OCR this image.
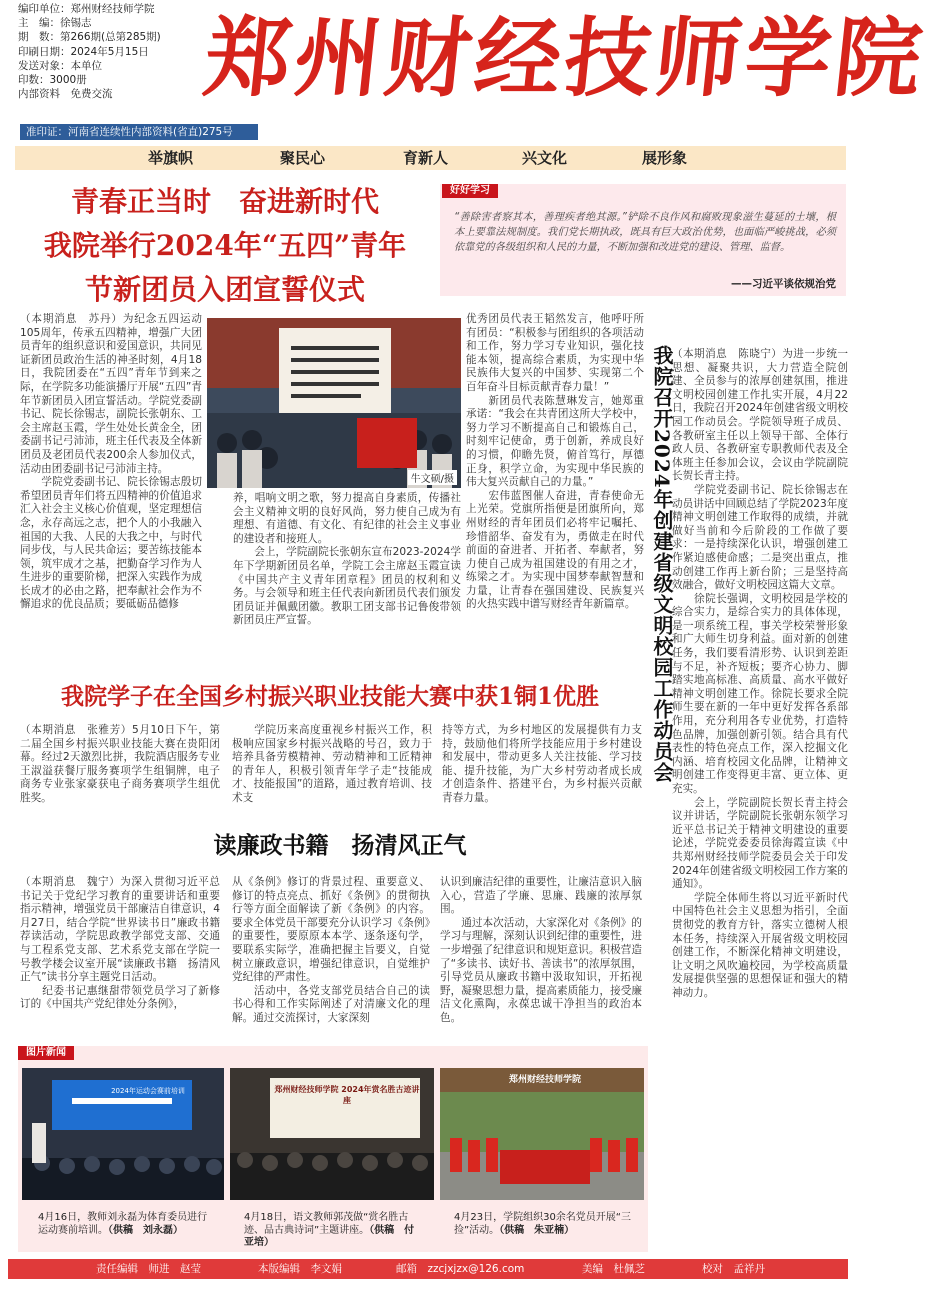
编印单位：郑州财经技师学院
主　编：徐锡志
期　数：第266期(总第285期)
印刷日期：2024年5月15日
发送对象：本单位
印数：3000册
内部资料　免费交流	郑州财经技师学院
准印证：河南省连续性内部资料(省直)275号
举旗帜	聚民心	育新人	兴文化	展形象
青春正当时　奋进新时代
我院举行2024年“五四”青年
节新团员入团宣誓仪式
好好学习
“善除害者察其本，善理疾者绝其源。”铲除不良作风和腐败现象滋生蔓延的土壤，根本上要靠法规制度。我们党长期执政，既具有巨大政治优势，也面临严峻挑战，必须依靠党的各级组织和人民的力量，不断加强和改进党的建设、管理、监督。
——习近平谈依规治党
（本期消息　苏丹）为纪念五四运动105周年，传承五四精神，增强广大团员青年的组织意识和爱国意识，共同见证新团员政治生活的神圣时刻，4月18日，我院团委在“五四”青年节到来之际，在学院多功能演播厅开展“五四”青年节新团员入团宣誓活动。学院党委副书记、院长徐锡志，副院长张朝东、工会主席赵玉霞，学生处处长黄金全，团委副书记弓沛沛，班主任代表及全体新团员及老团员代表200余人参加仪式，活动由团委副书记弓沛沛主持。
　　学院党委副书记、院长徐锡志殷切希望团员青年们将五四精神的价值追求汇入社会主义核心价值观，坚定理想信念，永存高远之志，把个人的小我融入祖国的大我、人民的大我之中，与时代同步伐，与人民共命运；要苦练技能本领，筑牢成才之基，把勤奋学习作为人生进步的重要阶梯，把深入实践作为成长成才的必由之路，把奉献社会作为不懈追求的优良品质；要砥砺品德修
牛文硕/摄
养，唱响文明之歌，努力提高自身素质，传播社会主义精神文明的良好风尚，努力使自己成为有理想、有道德、有文化、有纪律的社会主义事业的建设者和接班人。
　　会上，学院副院长张朝东宣布2023-2024学年下学期新团员名单，学院工会主席赵玉霞宣读《中国共产主义青年团章程》团员的权利和义务。与会领导和班主任代表向新团员代表们颁发团员证并佩戴团徽。教职工团支部书记鲁俊带领新团员庄严宣誓。
优秀团员代表王韬然发言，他呼吁所有团员：“积极参与团组织的各项活动和工作，努力学习专业知识，强化技能本领，提高综合素质，为实现中华民族伟大复兴的中国梦、实现第二个百年奋斗目标贡献青春力量！”
　　新团员代表陈慧琳发言，她郑重承诺：“我会在共青团这所大学校中，努力学习不断提高自己和锻炼自己，时刻牢记使命，勇于创新，养成良好的习惯，仰瞻先贤，俯首笃行，厚德正身，积学立命，为实现中华民族的伟大复兴贡献自己的力量。”
　　宏伟蓝图催人奋进，青春使命无上光荣。党旗所指便是团旗所向，郑州财经的青年团员们必将牢记嘱托、珍惜韶华、奋发有为，勇做走在时代前面的奋进者、开拓者、奉献者，努力使自己成为祖国建设的有用之才，练梁之才。为实现中国梦奉献智慧和力量，让青春在强国建设、民族复兴的火热实践中谱写财经青年新篇章。 我院召开2024年创建省级文明校园工作动员会
（本期消息　陈晓宁）为进一步统一思想、凝聚共识，大力营造全院创建、全员参与的浓厚创建氛围，推进文明校园创建工作扎实开展，4月22日，我院召开2024年创建省级文明校园工作动员会。学院领导班子成员、各教研室主任以上领导干部、全体行政人员、各教研室专职教师代表及全体班主任参加会议，会议由学院副院长贺长青主持。
　　学院党委副书记、院长徐锡志在动员讲话中回顾总结了学院2023年度精神文明创建工作取得的成绩，并就做好当前和今后阶段的工作做了要求：一是持续深化认识，增强创建工作紧迫感使命感；二是突出重点，推动创建工作再上新台阶；三是坚持高效融合，做好文明校园这篇大文章。
　　徐院长强调，文明校园是学校的综合实力，是综合实力的具体体现，是一项系统工程，事关学校荣誉形象和广大师生切身利益。面对新的创建任务，我们要看清形势、认识到差距与不足，补齐短板；要齐心协力、脚踏实地高标准、高质量、高水平做好精神文明创建工作。徐院长要求全院师生要在新的一年中更好发挥各系部作用，充分利用各专业优势，打造特色品牌，加强创新引领。结合具有代表性的特色亮点工作，深入挖掘文化内涵、培育校园文化品牌，让精神文明创建工作变得更丰富、更立体、更充实。
　　会上，学院副院长贺长青主持会议并讲话，学院副院长张朝东领学习近平总书记关于精神文明建设的重要论述，学院党委委员徐海霞宣读《中共郑州财经技师学院委员会关于印发2024年创建省级文明校园工作方案的通知》。
　　学院全体师生将以习近平新时代中国特色社会主义思想为指引，全面贯彻党的教育方针，落实立德树人根本任务，持续深入开展省级文明校园创建工作，不断深化精神文明建设，让文明之风吹遍校园，为学校高质量发展提供坚强的思想保证和强大的精神动力。
我院学子在全国乡村振兴职业技能大赛中获1铜1优胜
（本期消息　张雅芳）5月10日下午，第二届全国乡村振兴职业技能大赛在贵阳闭幕。经过2天激烈比拼，我院酒店服务专业王淑溢获餐厅服务赛项学生组铜牌，电子商务专业张家豪获电子商务赛项学生组优胜奖。
　　学院历来高度重视乡村振兴工作，积极响应国家乡村振兴战略的号召，致力于培养具备劳模精神、劳动精神和工匠精神的青年人，积极引领青年学子走“技能成才、技能报国”的道路，通过教育培训、技术支
持等方式，为乡村地区的发展提供有力支持，鼓励他们将所学技能应用于乡村建设和发展中，带动更多人关注技能、学习技能、提升技能，为广大乡村劳动者成长成才创造条件、搭建平台，为乡村振兴贡献青春力量。
读廉政书籍　扬清风正气
（本期消息　魏宁）为深入贯彻习近平总书记关于党纪学习教育的重要讲话和重要指示精神，增强党员干部廉洁自律意识，4月27日，结合学院“世界读书日”廉政书籍荐读活动，学院思政教学部党支部、交通与工程系党支部、艺术系党支部在学院一号教学楼会议室开展“读廉政书籍　扬清风正气”读书分享主题党日活动。
　　纪委书记惠继甜带领党员学习了新修订的《中国共产党纪律处分条例》，
从《条例》修订的背景过程、重要意义、修订的特点亮点、抓好《条例》的贯彻执行等方面全面解读了新《条例》的内容。要求全体党员干部要充分认识学习《条例》的重要性，要原原本本学、逐条逐句学，要联系实际学，准确把握主旨要义，自觉树立廉政意识，增强纪律意识，自觉维护党纪律的严肃性。
　　活动中，各党支部党员结合自己的读书心得和工作实际阐述了对清廉文化的理解。通过交流探讨，大家深刻
认识到廉洁纪律的重要性，让廉洁意识入脑入心，营造了学廉、思廉、践廉的浓厚氛围。
　　通过本次活动，大家深化对《条例》的学习与理解，深刻认识到纪律的重要性，进一步增强了纪律意识和规矩意识。积极营造了“多读书、读好书、善读书”的浓厚氛围，引导党员从廉政书籍中汲取知识，开拓视野，凝聚思想力量，提高素质能力，接受廉洁文化熏陶，永葆忠诚干净担当的政治本色。
图片新闻
2024年运动会赛前培训	郑州财经技师学院 2024年赏名胜古迹讲座
郑州财经技师学院
4月16日，教师刘永磊为体育委员进行运动赛前培训。（供稿　刘永磊）
4月18日，语文教师郭茂做“赏名胜古迹、品古典诗词”主题讲座。（供稿　付亚培）
4月23日，学院组织30余名党员开展“三捡”活动。（供稿　朱亚楠）
责任编辑　师进　赵莹	本版编辑　李文娟	邮箱　zzcjxjzx@126.com	美编　杜佩芝	校对　孟祥丹
